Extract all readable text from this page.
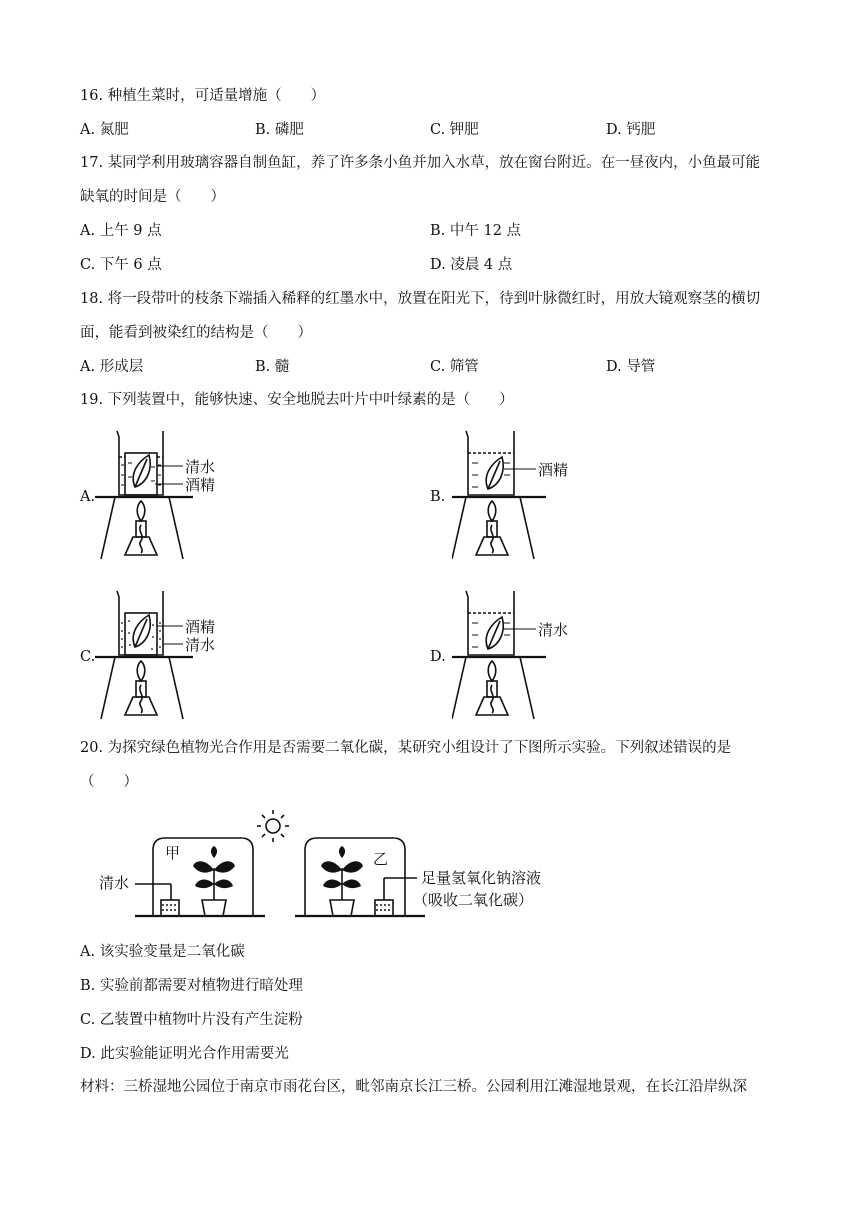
16. 种植生菜时，可适量增施（　　）
A. 氮肥	B. 磷肥	C. 钾肥	D. 钙肥
17. 某同学利用玻璃容器自制鱼缸，养了许多条小鱼并加入水草，放在窗台附近。在一昼夜内，小鱼最可能
缺氧的时间是（　　）
A. 上午 9 点	B. 中午 12 点
C. 下午 6 点	D. 凌晨 4 点
18. 将一段带叶的枝条下端插入稀释的红墨水中，放置在阳光下，待到叶脉微红时，用放大镜观察茎的横切
面，能看到被染红的结构是（　　）
A. 形成层	B. 髓	C. 筛管	D. 导管
19. 下列装置中，能够快速、安全地脱去叶片中叶绿素的是（　　）
A.
清水
酒精
B.
酒精
C.
酒精
清水
D.
清水
20. 为探究绿色植物光合作用是否需要二氧化碳，某研究小组设计了下图所示实验。下列叙述错误的是
（　　）
甲
清水
乙
足量氢氧化钠溶液
（吸收二氧化碳）
A. 该实验变量是二氧化碳
B. 实验前都需要对植物进行暗处理
C. 乙装置中植物叶片没有产生淀粉
D. 此实验能证明光合作用需要光
材料：三桥湿地公园位于南京市雨花台区，毗邻南京长江三桥。公园利用江滩湿地景观，在长江沿岸纵深
